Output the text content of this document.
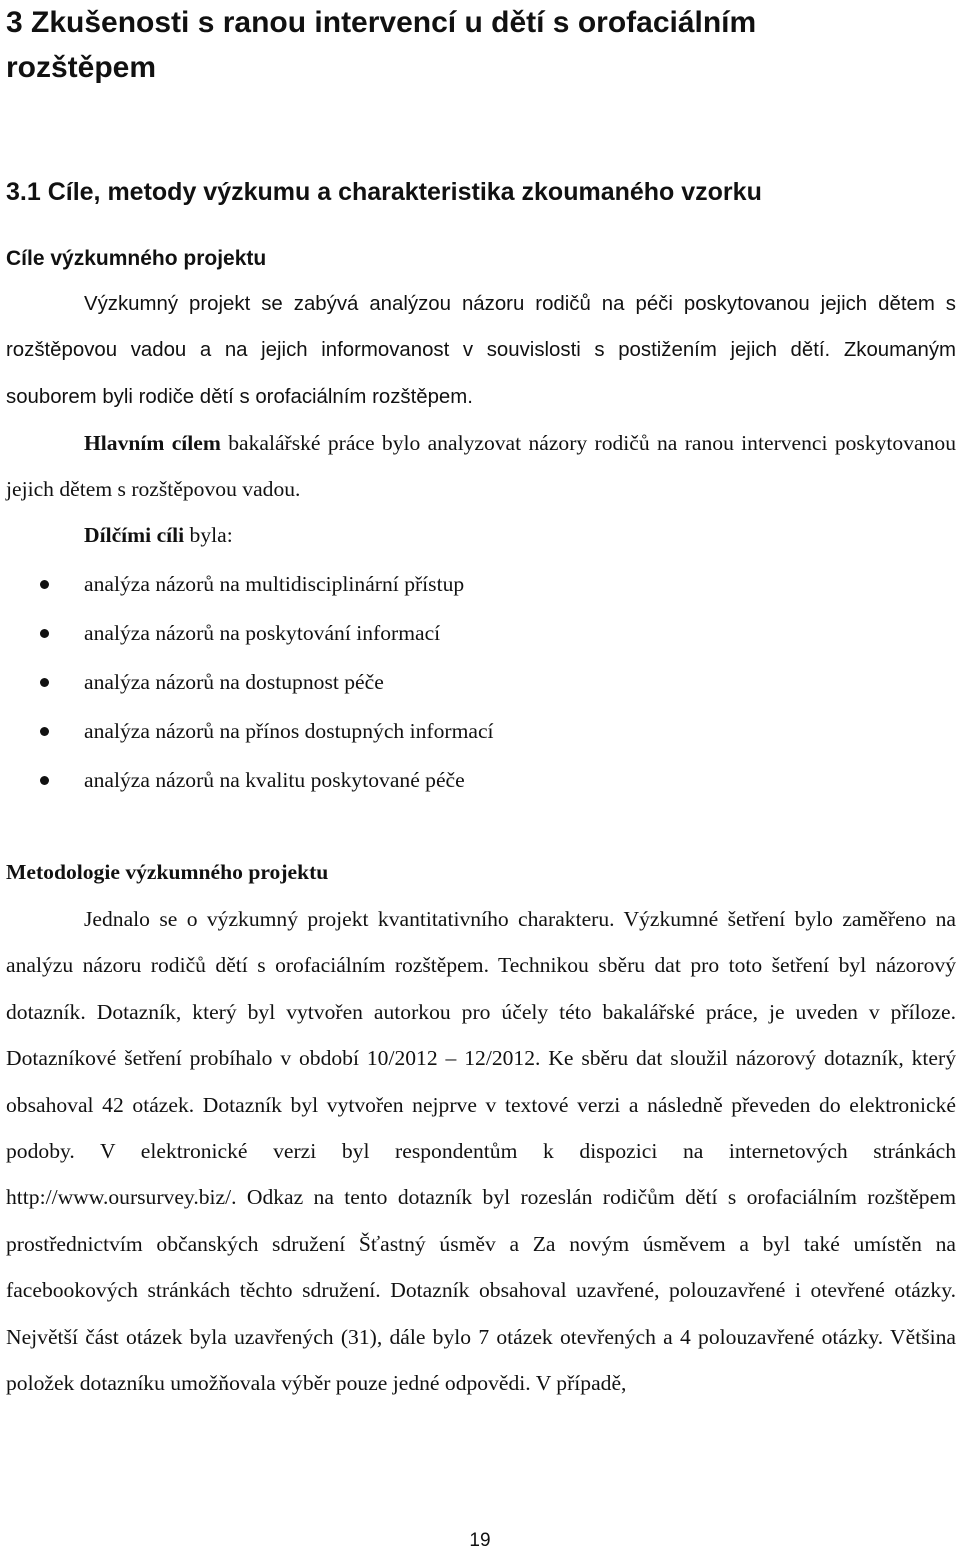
3 Zkušenosti s ranou intervencí u dětí s orofaciálním rozštěpem
3.1 Cíle, metody výzkumu a charakteristika zkoumaného vzorku
Cíle výzkumného projektu

Výzkumný projekt se zabývá analýzou názoru rodičů na péči poskytovanou jejich dětem s rozštěpovou vadou a na jejich informovanost v souvislosti s postižením jejich dětí. Zkoumaným souborem byli rodiče dětí s orofaciálním rozštěpem.

Hlavním cílem bakalářské práce bylo analyzovat názory rodičů na ranou intervenci poskytovanou jejich dětem s rozštěpovou vadou.

Dílčími cíli byla:

analýza názorů na multidisciplinární přístup
analýza názorů na poskytování informací
analýza názorů na dostupnost péče
analýza názorů na přínos dostupných informací
analýza názorů na kvalitu poskytované péče
Metodologie výzkumného projektu

Jednalo se o výzkumný projekt kvantitativního charakteru. Výzkumné šetření bylo zaměřeno na analýzu názoru rodičů dětí s orofaciálním rozštěpem. Technikou sběru dat pro toto šetření byl názorový dotazník. Dotazník, který byl vytvořen autorkou pro účely této bakalářské práce, je uveden v příloze. Dotazníkové šetření probíhalo v období 10/2012 – 12/2012. Ke sběru dat sloužil názorový dotazník, který obsahoval 42 otázek. Dotazník byl vytvořen nejprve v textové verzi a následně převeden do elektronické podoby. V elektronické verzi byl respondentům k dispozici na internetových stránkách http://www.oursurvey.biz/. Odkaz na tento dotazník byl rozeslán rodičům dětí s orofaciálním rozštěpem prostřednictvím občanských sdružení Šťastný úsměv a Za novým úsměvem a byl také umístěn na facebookových stránkách těchto sdružení. Dotazník obsahoval uzavřené, polouzavřené i otevřené otázky. Největší část otázek byla uzavřených (31), dále bylo 7 otázek otevřených a 4 polouzavřené otázky. Většina položek dotazníku umožňovala výběr pouze jedné odpovědi. V případě,

19
